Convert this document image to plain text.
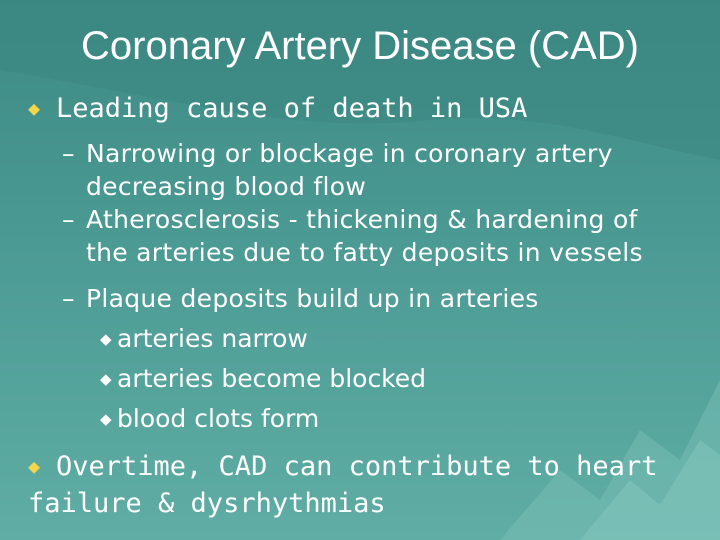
Coronary Artery Disease (CAD)
◆ Leading cause of death in USA
– Narrowing or blockage in coronary artery
decreasing blood flow
– Atherosclerosis - thickening & hardening of
the arteries due to fatty deposits in vessels
– Plaque deposits build up in arteries
◆ arteries narrow
◆ arteries become blocked
◆ blood clots form
◆ Overtime, CAD can contribute to heart
failure & dysrhythmias
